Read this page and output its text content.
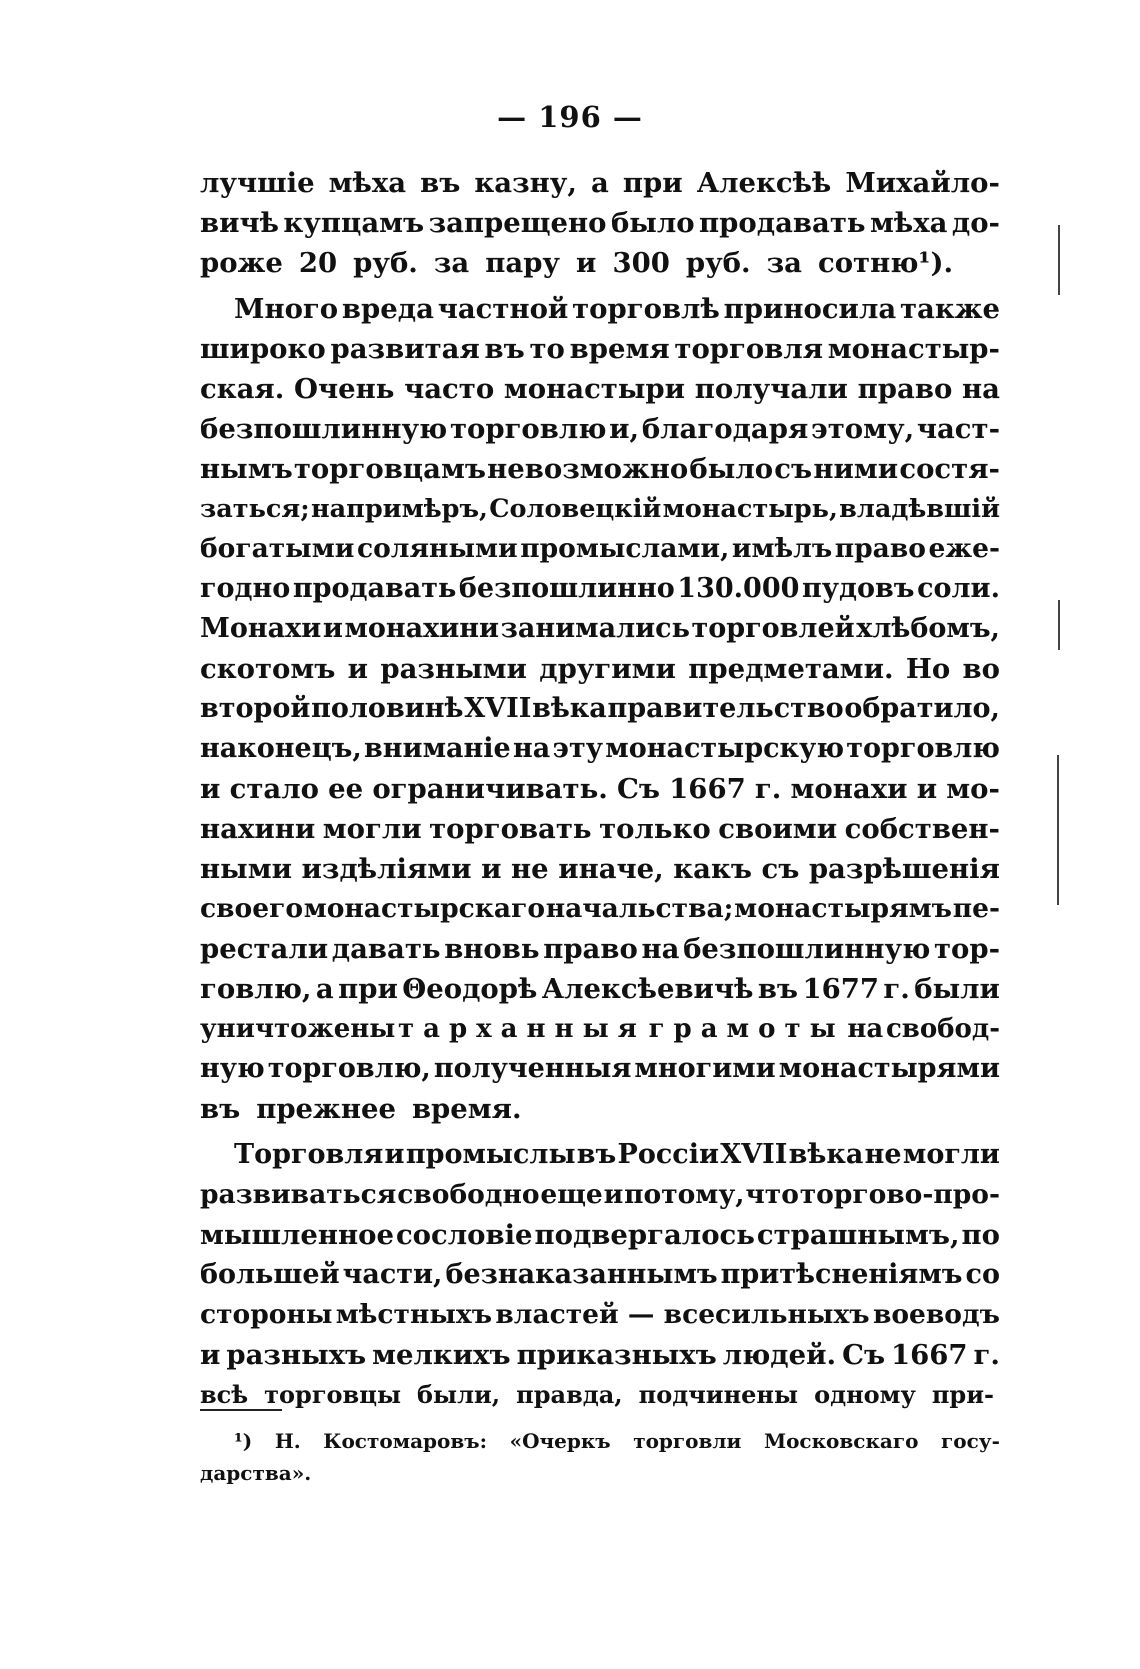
— 196 —
лучшіе мѣха въ казну, а при Алексѣѣ Михайло-
вичѣ купцамъ запрещено было продавать мѣха до-
роже 20 руб. за пару и 300 руб. за сотню¹).
Много вреда частной торговлѣ приносила также
широко развитая въ то время торговля монастыр-
ская. Очень часто монастыри получали право на
безпошлинную торговлю и, благодаря этому, част-
нымъ торговцамъ невозможно было съ ними состя-
заться; напримѣръ, Соловецкій монастырь, владѣвшій
богатыми соляными промыслами, имѣлъ право еже-
годно продавать безпошлинно 130.000 пудовъ соли.
Монахи и монахини занимались торговлей хлѣбомъ,
скотомъ и разными другими предметами. Но во
второй половинѣ XVII вѣка правительство обратило,
наконецъ, вниманіе на эту монастырскую торговлю
и стало ее ограничивать. Съ 1667 г. монахи и мо-
нахини могли торговать только своими собствен-
ными издѣліями и не иначе, какъ съ разрѣшенія
своего монастырскаго начальства; монастырямъ пе-
рестали давать вновь право на безпошлинную тор-
говлю, а при Θеодорѣ Алексѣевичѣ въ 1677 г. были
уничтожены тарханныя грамоты на свобод-
ную торговлю, полученныя многими монастырями
въ прежнее время.
Торговля и промыслы въ Россіи XVII вѣка не могли
развиваться свободно еще и потому, что торгово-про-
мышленное сословіе подвергалось страшнымъ, по
большей части, безнаказаннымъ притѣсненіямъ со
стороны мѣстныхъ властей — всесильныхъ воеводъ
и разныхъ мелкихъ приказныхъ людей. Съ 1667 г.
всѣ торговцы были, правда, подчинены одному при-
¹) Н. Костомаровъ: «Очеркъ торговли Московскаго госу-
дарства».
